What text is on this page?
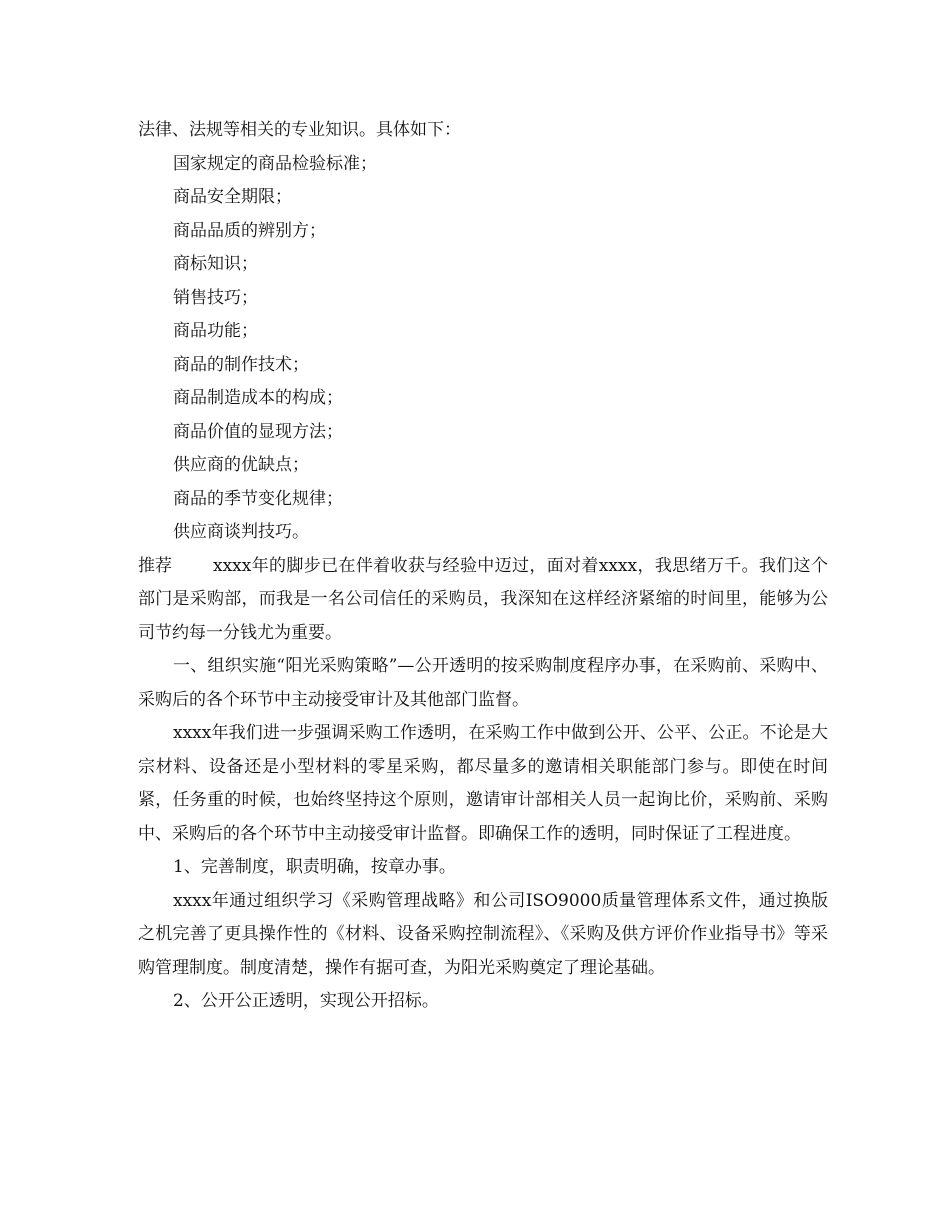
法律、法规等相关的专业知识。具体如下：

国家规定的商品检验标准；

商品安全期限；

商品品质的辨别方；

商标知识；

销售技巧；

商品功能；

商品的制作技术；

商品制造成本的构成；

商品价值的显现方法；

供应商的优缺点；

商品的季节变化规律；

供应商谈判技巧。

推荐 xxxx年的脚步已在伴着收获与经验中迈过，面对着xxxx，我思绪万千。我们这个部门是采购部，而我是一名公司信任的采购员，我深知在这样经济紧缩的时间里，能够为公司节约每一分钱尤为重要。

一、组织实施“阳光采购策略”—公开透明的按采购制度程序办事，在采购前、采购中、采购后的各个环节中主动接受审计及其他部门监督。

xxxx年我们进一步强调采购工作透明，在采购工作中做到公开、公平、公正。不论是大宗材料、设备还是小型材料的零星采购，都尽量多的邀请相关职能部门参与。即使在时间紧，任务重的时候，也始终坚持这个原则，邀请审计部相关人员一起询比价，采购前、采购中、采购后的各个环节中主动接受审计监督。即确保工作的透明，同时保证了工程进度。

1、完善制度，职责明确，按章办事。

xxxx年通过组织学习《采购管理战略》和公司ISO9000质量管理体系文件，通过换版之机完善了更具操作性的《材料、设备采购控制流程》、《采购及供方评价作业指导书》等采购管理制度。制度清楚，操作有据可查，为阳光采购奠定了理论基础。

2、公开公正透明，实现公开招标。
